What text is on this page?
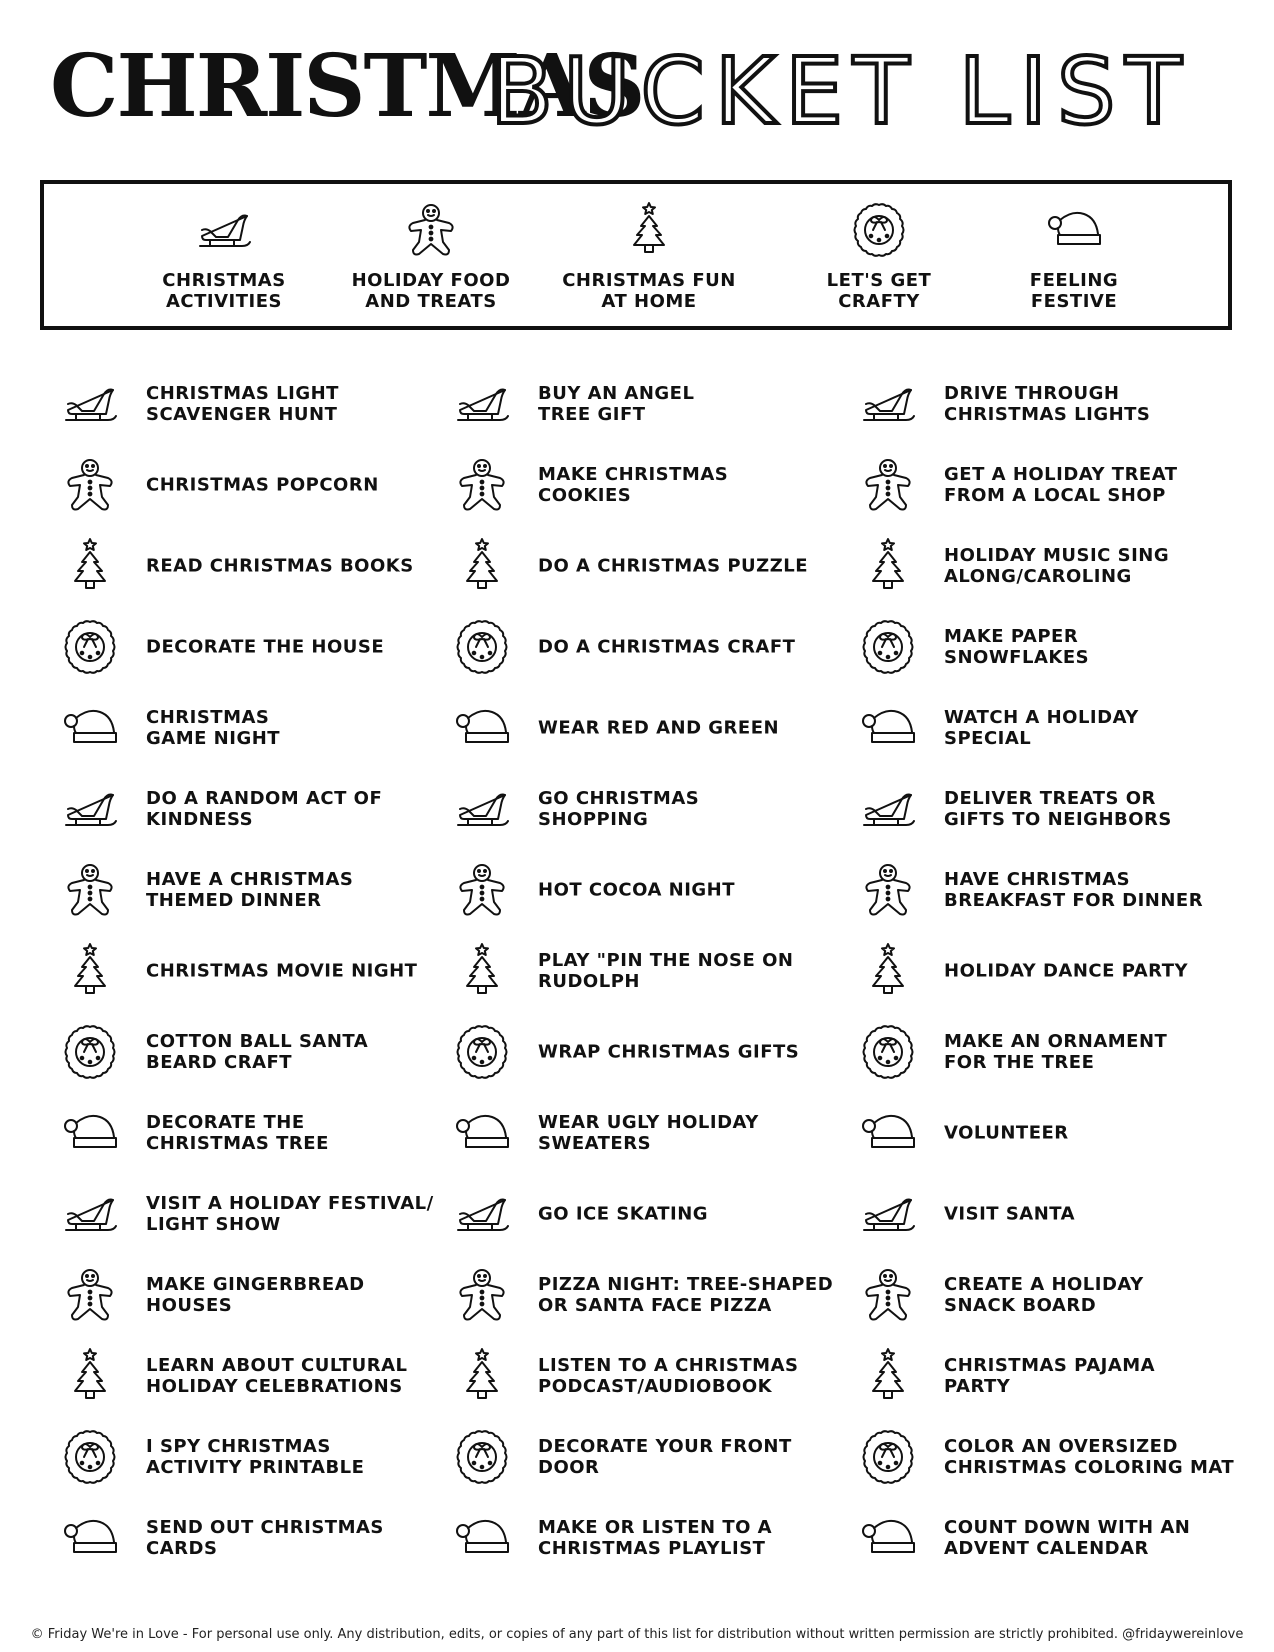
CHRISTMAS
BUCKET LIST
CHRISTMAS
ACTIVITIES
HOLIDAY FOOD
AND TREATS
CHRISTMAS FUN
AT HOME
LET'S GET
CRAFTY
FEELING
FESTIVE
CHRISTMAS LIGHT
SCAVENGER HUNT
CHRISTMAS POPCORN
READ CHRISTMAS BOOKS
DECORATE THE HOUSE
CHRISTMAS
GAME NIGHT
DO A RANDOM ACT OF
KINDNESS
HAVE A CHRISTMAS
THEMED DINNER
CHRISTMAS MOVIE NIGHT
COTTON BALL SANTA
BEARD CRAFT
DECORATE THE
CHRISTMAS TREE
VISIT A HOLIDAY FESTIVAL/
LIGHT SHOW
MAKE GINGERBREAD
HOUSES
LEARN ABOUT CULTURAL
HOLIDAY CELEBRATIONS
I SPY CHRISTMAS
ACTIVITY PRINTABLE
SEND OUT CHRISTMAS
CARDS
BUY AN ANGEL
TREE GIFT
MAKE CHRISTMAS
COOKIES
DO A CHRISTMAS PUZZLE
DO A CHRISTMAS CRAFT
WEAR RED AND GREEN
GO CHRISTMAS
SHOPPING
HOT COCOA NIGHT
PLAY "PIN THE NOSE ON
RUDOLPH
WRAP CHRISTMAS GIFTS
WEAR UGLY HOLIDAY
SWEATERS
GO ICE SKATING
PIZZA NIGHT: TREE-SHAPED
OR SANTA FACE PIZZA
LISTEN TO A CHRISTMAS
PODCAST/AUDIOBOOK
DECORATE YOUR FRONT
DOOR
MAKE OR LISTEN TO A
CHRISTMAS PLAYLIST
DRIVE THROUGH
CHRISTMAS LIGHTS
GET A HOLIDAY TREAT
FROM A LOCAL SHOP
HOLIDAY MUSIC SING
ALONG/CAROLING
MAKE PAPER
SNOWFLAKES
WATCH A HOLIDAY
SPECIAL
DELIVER TREATS OR
GIFTS TO NEIGHBORS
HAVE CHRISTMAS
BREAKFAST FOR DINNER
HOLIDAY DANCE PARTY
MAKE AN ORNAMENT
FOR THE TREE
VOLUNTEER
VISIT SANTA
CREATE A HOLIDAY
SNACK BOARD
CHRISTMAS PAJAMA
PARTY
COLOR AN OVERSIZED
CHRISTMAS COLORING MAT
COUNT DOWN WITH AN
ADVENT CALENDAR
© Friday We're in Love - For personal use only. Any distribution, edits, or copies of any part of this list for distribution without written permission are strictly prohibited. @fridaywereinlove
